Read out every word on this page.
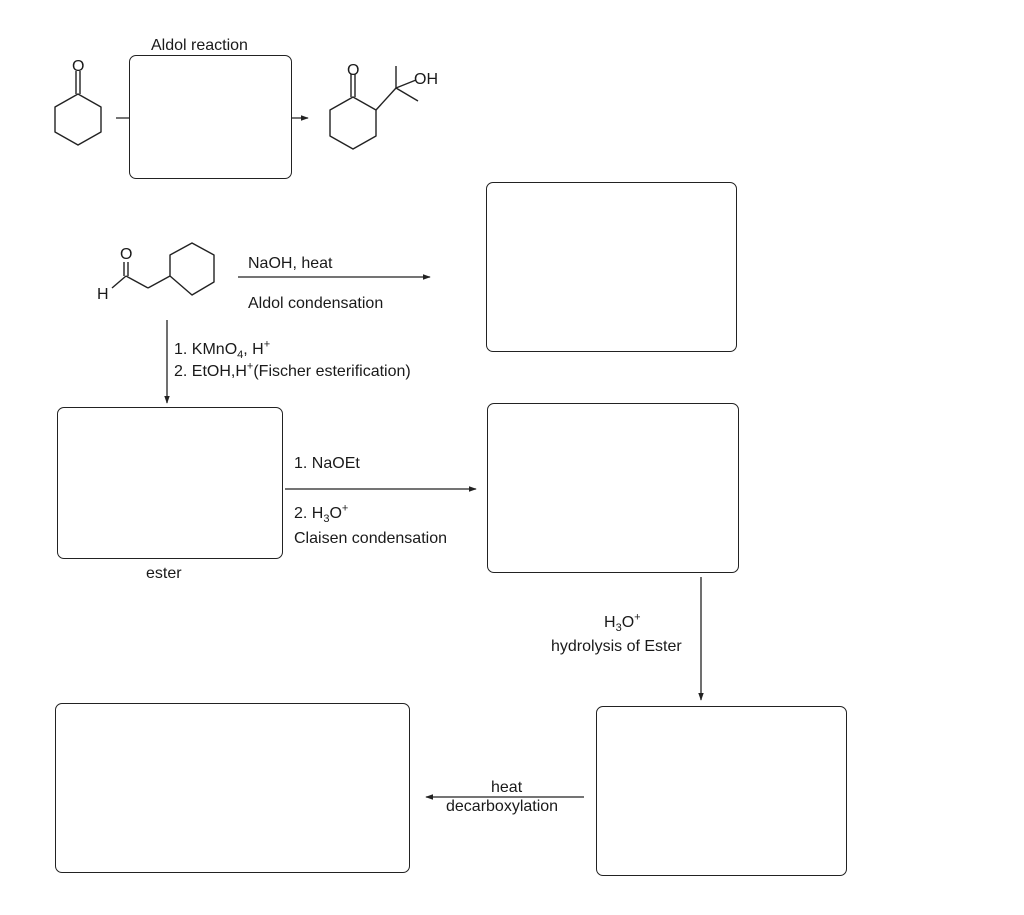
O	O
OH
O
H
Aldol reaction
NaOH, heat
Aldol condensation
1. KMnO$_4$, H+
2. EtOH,H+(Fischer esterification)
1. NaOEt
2. $H_3O^+$
Claisen condensation
$H_3O^+$
hydrolysis of Ester
heat
decarboxylation
ester
